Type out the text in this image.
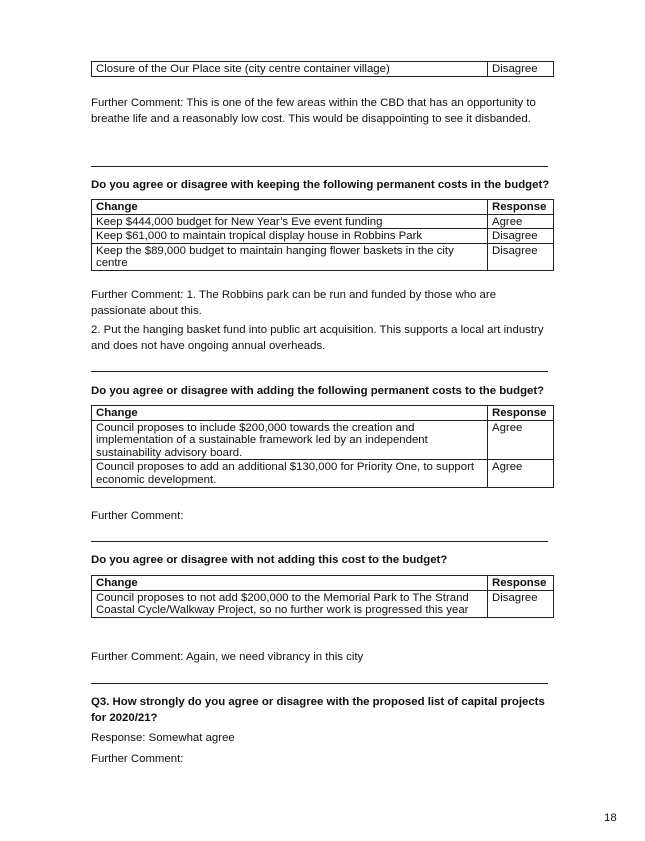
Closure of the Our Place site (city centre container village)	Disagree

Further Comment: This is one of the few areas within the CBD that has an opportunity to breathe life and a reasonably low cost. This would be disappointing to see it disbanded.

Do you agree or disagree with keeping the following permanent costs in the budget?

Change	Response
Keep $444,000 budget for New Year’s Eve event funding	Agree
Keep $61,000 to maintain tropical display house in Robbins Park	Disagree
Keep the $89,000 budget to maintain hanging flower baskets in the city centre	Disagree

Further Comment: 1. The Robbins park can be run and funded by those who are passionate about this.

2. Put the hanging basket fund into public art acquisition. This supports a local art industry and does not have ongoing annual overheads.

Do you agree or disagree with adding the following permanent costs to the budget?

Change	Response
Council proposes to include $200,000 towards the creation and implementation of a sustainable framework led by an independent sustainability advisory board.	Agree
Council proposes to add an additional $130,000 for Priority One, to support economic development.	Agree

Further Comment:

Do you agree or disagree with not adding this cost to the budget?

Change	Response
Council proposes to not add $200,000 to the Memorial Park to The Strand Coastal Cycle/Walkway Project, so no further work is progressed this year	Disagree

Further Comment: Again, we need vibrancy in this city

Q3. How strongly do you agree or disagree with the proposed list of capital projects for 2020/21?

Response: Somewhat agree

Further Comment:

18
